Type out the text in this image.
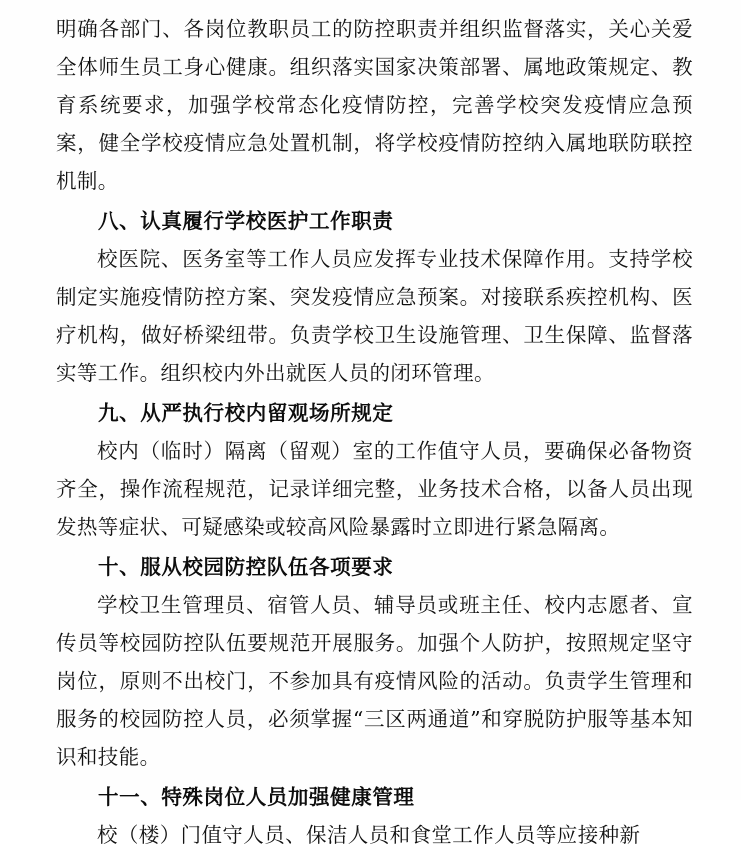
明确各部门、各岗位教职员工的防控职责并组织监督落实，关心关爱全体师生员工身心健康。组织落实国家决策部署、属地政策规定、教育系统要求，加强学校常态化疫情防控，完善学校突发疫情应急预案，健全学校疫情应急处置机制，将学校疫情防控纳入属地联防联控机制。

八、认真履行学校医护工作职责

校医院、医务室等工作人员应发挥专业技术保障作用。支持学校制定实施疫情防控方案、突发疫情应急预案。对接联系疾控机构、医疗机构，做好桥梁纽带。负责学校卫生设施管理、卫生保障、监督落实等工作。组织校内外出就医人员的闭环管理。

九、从严执行校内留观场所规定

校内（临时）隔离（留观）室的工作值守人员，要确保必备物资齐全，操作流程规范，记录详细完整，业务技术合格，以备人员出现发热等症状、可疑感染或较高风险暴露时立即进行紧急隔离。

十、服从校园防控队伍各项要求

学校卫生管理员、宿管人员、辅导员或班主任、校内志愿者、宣传员等校园防控队伍要规范开展服务。加强个人防护，按照规定坚守岗位，原则不出校门，不参加具有疫情风险的活动。负责学生管理和服务的校园防控人员，必须掌握“三区两通道”和穿脱防护服等基本知识和技能。

十一、特殊岗位人员加强健康管理

校（楼）门值守人员、保洁人员和食堂工作人员等应接种新
